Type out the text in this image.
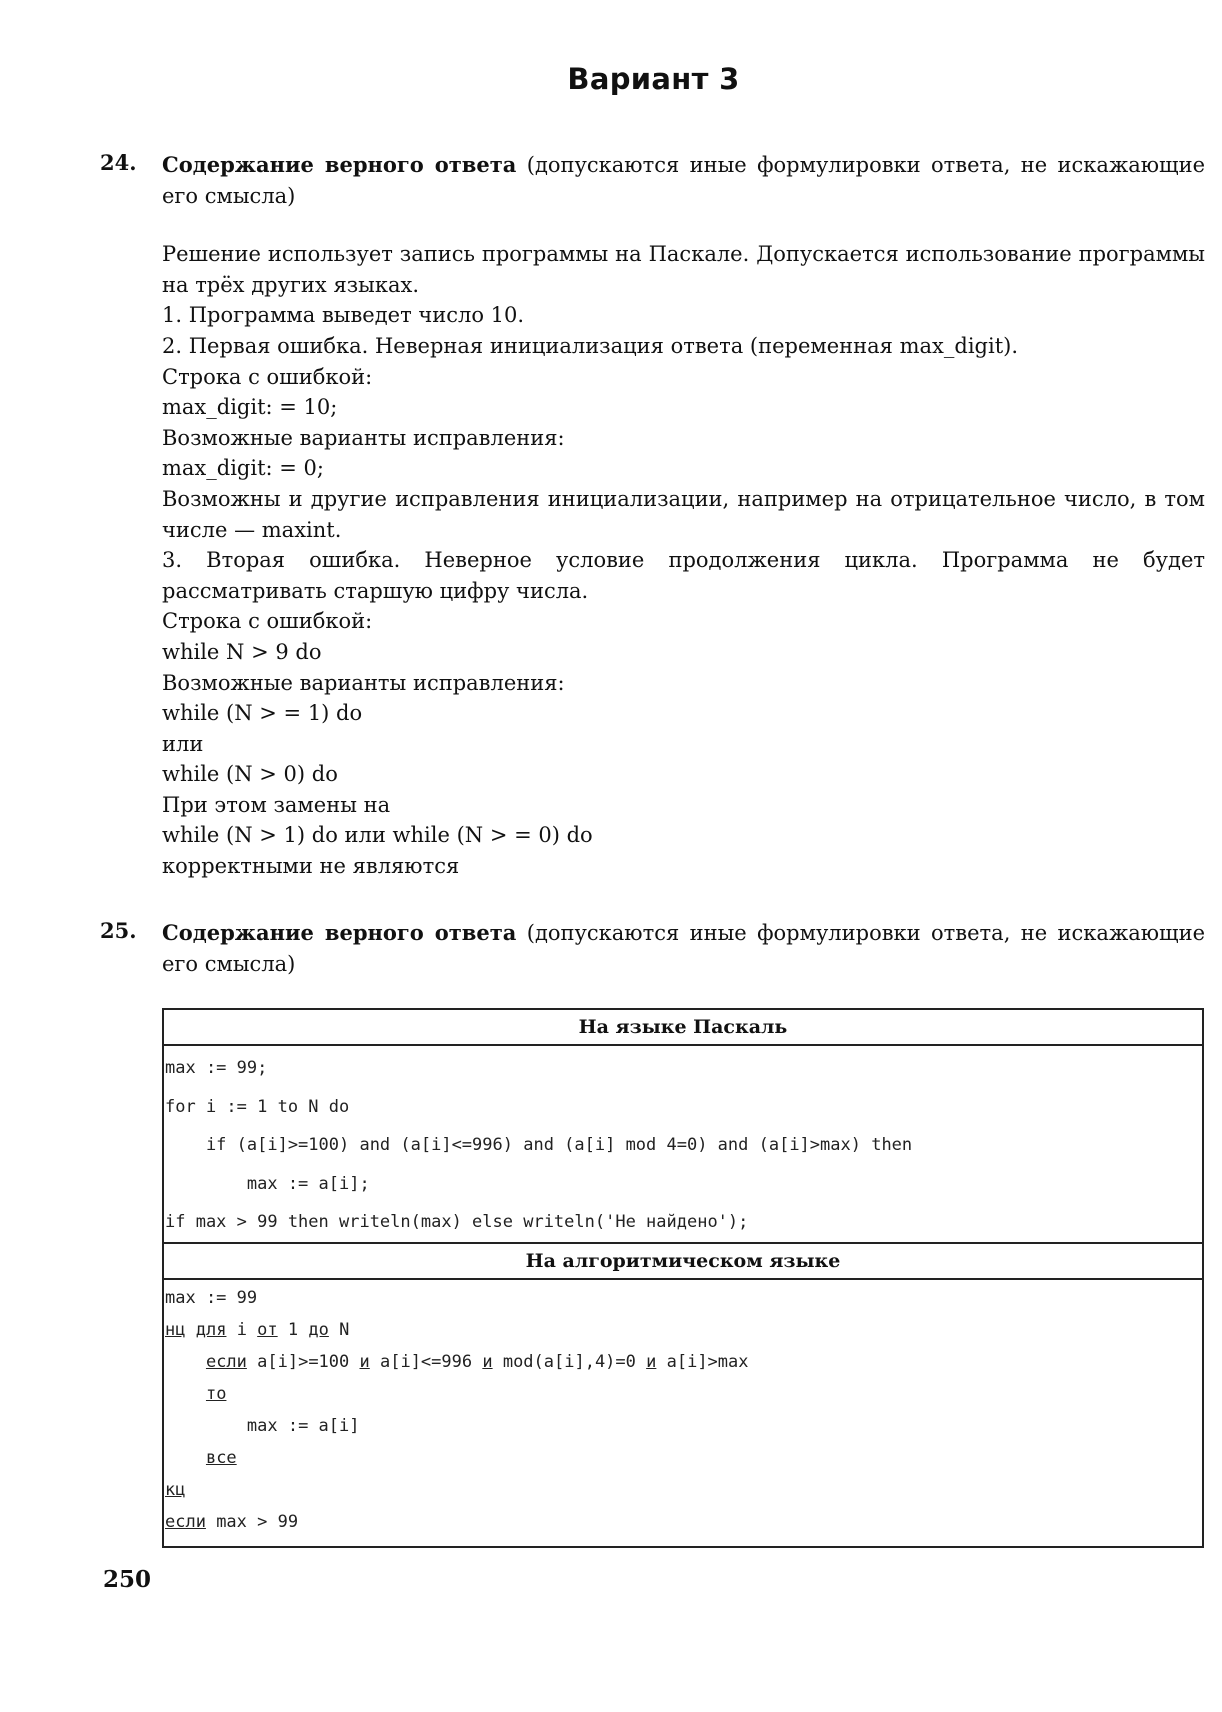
Вариант 3
24. Содержание верного ответа (допускаются иные формулировки ответа, не искажающие его смысла)
Решение использует запись программы на Паскале. Допускается использование программы на трёх других языках.
1. Программа выведет число 10.
2. Первая ошибка. Неверная инициализация ответа (переменная max_digit).
Строка с ошибкой:
max_digit: = 10;
Возможные варианты исправления:
max_digit: = 0;
Возможны и другие исправления инициализации, например на отрицательное число, в том числе — maxint.
3. Вторая ошибка. Неверное условие продолжения цикла. Программа не будет рассматривать старшую цифру числа.
Строка с ошибкой:
while N > 9 do
Возможные варианты исправления:
while (N > = 1) do
или
while (N > 0) do
При этом замены на
while (N > 1) do или while (N > = 0) do
корректными не являются
25. Содержание верного ответа (допускаются иные формулировки ответа, не искажающие его смысла)
На языке Паскаль
max := 99;
for i := 1 to N do
if (a[i]>=100) and (a[i]<=996) and (a[i] mod 4=0) and (a[i]>max) then
max := a[i];
if max > 99 then writeln(max) else writeln('Не найдено');
На алгоритмическом языке
max := 99
нц для i от 1 до N
если a[i]>=100 и a[i]<=996 и mod(a[i],4)=0 и a[i]>max
то
max := a[i]
все
кц
если max > 99
250
